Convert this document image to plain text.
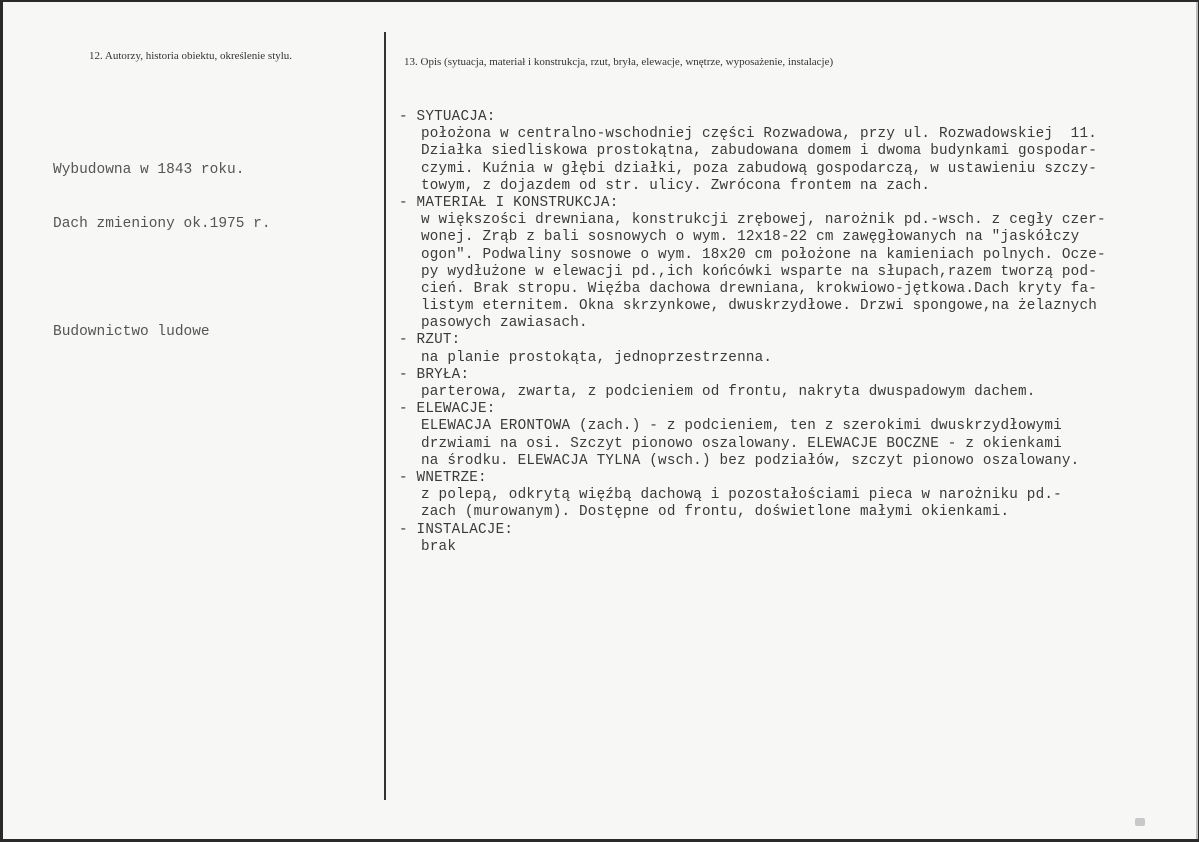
12. Autorzy, historia obiektu, określenie stylu.	13. Opis (sytuacja, materiał i konstrukcja, rzut, bryła, elewacje, wnętrze, wyposażenie, instalacje)

Wybudowna w 1843 roku.

Dach zmieniony ok.1975 r.

Budownictwo ludowe

- SYTUACJA:
położona w centralno-wschodniej części Rozwadowa, przy ul. Rozwadowskiej  11.
Działka siedliskowa prostokątna, zabudowana domem i dwoma budynkami gospodar-
czymi. Kuźnia w głębi działki, poza zabudową gospodarczą, w ustawieniu szczy-
towym, z dojazdem od str. ulicy. Zwrócona frontem na zach.
- MATERIAŁ I KONSTRUKCJA:
w większości drewniana, konstrukcji zrębowej, narożnik pd.-wsch. z cegły czer-
wonej. Zrąb z bali sosnowych o wym. 12x18-22 cm zawęgłowanych na "jaskółczy
ogon". Podwaliny sosnowe o wym. 18x20 cm położone na kamieniach polnych. Ocze-
py wydłużone w elewacji pd.,ich końcówki wsparte na słupach,razem tworzą pod-
cień. Brak stropu. Więźba dachowa drewniana, krokwiowo-jętkowa.Dach kryty fa-
listym eternitem. Okna skrzynkowe, dwuskrzydłowe. Drzwi spongowe,na żelaznych
pasowych zawiasach.
- RZUT:
na planie prostokąta, jednoprzestrzenna.
- BRYŁA:
parterowa, zwarta, z podcieniem od frontu, nakryta dwuspadowym dachem.
- ELEWACJE:
ELEWACJA ERONTOWA (zach.) - z podcieniem, ten z szerokimi dwuskrzydłowymi
drzwiami na osi. Szczyt pionowo oszalowany. ELEWACJE BOCZNE - z okienkami
na środku. ELEWACJA TYLNA (wsch.) bez podziałów, szczyt pionowo oszalowany.
- WNETRZE:
z polepą, odkrytą więźbą dachową i pozostałościami pieca w narożniku pd.-
zach (murowanym). Dostępne od frontu, doświetlone małymi okienkami.
- INSTALACJE:
brak
